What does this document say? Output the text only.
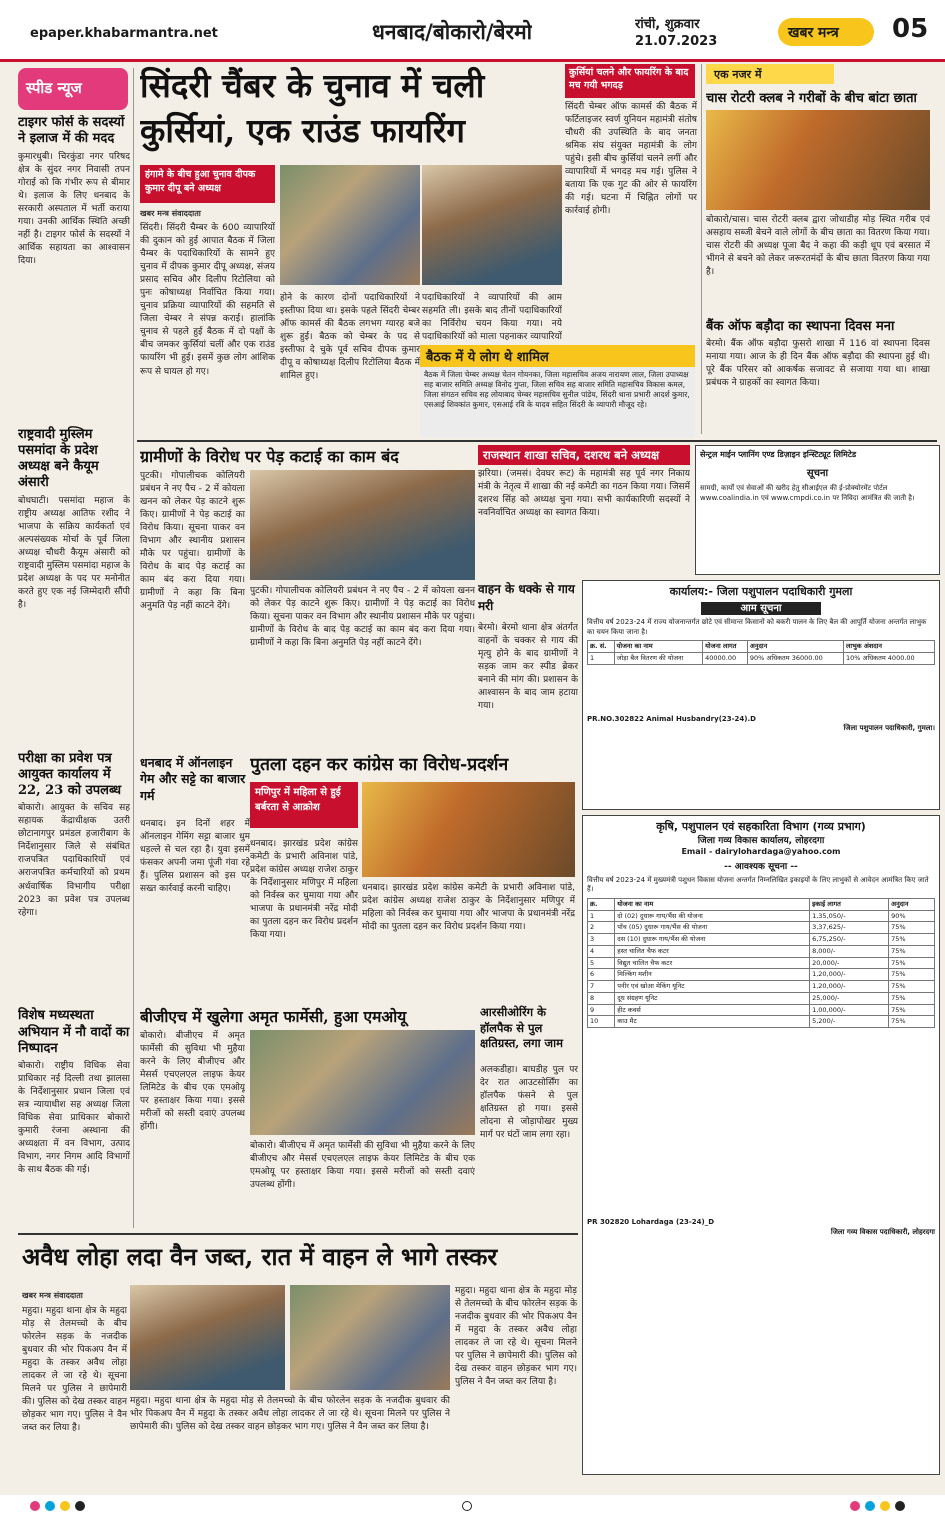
epaper.khabarmantra.net	धनबाद/बोकारो/बेरमो	रांची, शुक्रवार
21.07.2023
खबर मन्त्र	05
स्पीड न्यूज
टाइगर फोर्स के सदस्यों ने इलाज में की मदद
कुमारधुबी। चिरकुंडा नगर परिषद क्षेत्र के सुंदर नगर निवासी तपन गोराई को कि गंभीर रूप से बीमार थे। इलाज के लिए धनबाद के सरकारी अस्पताल में भर्ती कराया गया। उनकी आर्थिक स्थिति अच्छी नहीं है। टाइगर फोर्स के सदस्यों ने आर्थिक सहायता का आश्वासन दिया।
राष्ट्रवादी मुस्लिम पसमांदा के प्रदेश अध्यक्ष बने कैयूम अंसारी
बोधघाटी। पसमांदा महाज के राष्ट्रीय अध्यक्ष आतिफ रशीद ने भाजपा के सक्रिय कार्यकर्ता एवं अल्पसंख्यक मोर्चा के पूर्व जिला अध्यक्ष चौधरी कैयूम अंसारी को राष्ट्रवादी मुस्लिम पसमांदा महाज के प्रदेश अध्यक्ष के पद पर मनोनीत करते हुए एक नई जिम्मेदारी सौंपी है।
परीक्षा का प्रवेश पत्र आयुक्त कार्यालय में 22, 23 को उपलब्ध
बोकारो। आयुक्त के सचिव सह सहायक केंद्राधीक्षक उतरी छोटानागपुर प्रमंडल हजारीबाग के निर्देशानुसार जिले से संबंधित राजपत्रित पदाधिकारियों एवं अराजपत्रित कर्मचारियों को प्रथम अर्धवार्षिक विभागीय परीक्षा 2023 का प्रवेश पत्र उपलब्ध रहेगा।
विशेष मध्यस्थता अभियान में नौ वादों का निष्पादन
बोकारो। राष्ट्रीय विधिक सेवा प्राधिकार नई दिल्ली तथा झालसा के निर्देशानुसार प्रधान जिला एवं सत्र न्यायाधीश सह अध्यक्ष जिला विधिक सेवा प्राधिकार बोकारो कुमारी रंजना अस्थाना की अध्यक्षता में वन विभाग, उत्पाद विभाग, नगर निगम आदि विभागों के साथ बैठक की गई।
सिंदरी चैंबर के चुनाव में चली कुर्सियां, एक राउंड फायरिंग
हंगामे के बीच हुआ चुनाव दीपक कुमार दीपू बने अध्यक्ष
खबर मन्त्र संवाददाता
सिंदरी। सिंदरी चैम्बर के 600 व्यापारियों की दुकान को हुई आपात बैठक में जिला चैम्बर के पदाधिकारियों के सामने हुए चुनाव में दीपक कुमार दीपू अध्यक्ष, संजय प्रसाद सचिव और दिलीप रिटोलिया को पुनः कोषाध्यक्ष निर्वाचित किया गया। चुनाव प्रक्रिया व्यापारियों की सहमति से जिला चेम्बर ने संपन्न कराई। हालांकि चुनाव से पहले हुई बैठक में दो पक्षों के बीच जमकर कुर्सियां चलीं और एक राउंड फायरिंग भी हुई। इसमें कुछ लोग आंशिक रूप से घायल हो गए।
होने के कारण दोनों पदाधिकारियों ने इस्तीफा दिया था। इसके पहले सिंदरी चेम्बर ऑफ कामर्स की बैठक लगभग ग्यारह बजे शुरू हुई। बैठक को चेम्बर के पद से इस्तीफा दे चुके पूर्व सचिव दीपक कुमार दीपू व कोषाध्यक्ष दिलीप रिटोलिया बैठक में शामिल हुए।
पदाधिकारियों ने व्यापारियों की आम सहमति ली। इसके बाद तीनों पदाधिकारियों का निर्विरोध चयन किया गया। नये पदाधिकारियों को माला पहनाकर व्यापारियों
कुर्सियां चलने और फायरिंग के बाद मच गयी भगदड़
सिंदरी चेम्बर ऑफ कामर्स की बैठक में फर्टिलाइजर स्वर्ण युनियन महामंत्री संतोष चौधरी की उपस्थिति के बाद जनता श्रमिक संघ संयुक्त महामंत्री के लोग पहुंचे। इसी बीच कुर्सियां चलने लगीं और व्यापारियों में भगदड़ मच गई। पुलिस ने बताया कि एक गुट की ओर से फायरिंग की गई। घटना में चिह्नित लोगों पर कार्रवाई होगी।
बैठक में ये लोग थे शामिल
बैठक में जिला चेम्बर अध्यक्ष चेतन गोयनका, जिला महासचिव अजय नारायण लाल, जिला उपाध्यक्ष सह बाजार समिति अध्यक्ष विनोद गुप्ता, जिला सचिव सह बाजार समिति महासचिव विकास कमल, जिला संगठन सचिव सह लोयाबाद चेम्बर महासचिव सुनील पांडेय, सिंदरी थाना प्रभारी आदर्श कुमार, एसआई शिवकांत कुमार, एसआई रवि के यादव सहित सिंदरी के व्यापारी मौजूद रहे।
एक नजर में
चास रोटरी क्लब ने गरीबों के बीच बांटा छाता
बोकारो/चास। चास रोटरी क्लब द्वारा जोधाडीह मोड़ स्थित गरीब एवं असहाय सब्जी बेचने वाले लोगों के बीच छाता का वितरण किया गया। चास रोटरी की अध्यक्ष पूजा बैद ने कहा की कड़ी धूप एवं बरसात में भीगने से बचने को लेकर जरूरतमंदों के बीच छाता वितरण किया गया है।
बैंक ऑफ बड़ौदा का स्थापना दिवस मना
बेरमो। बैंक ऑफ बड़ौदा फुसरो शाखा में 116 वां स्थापना दिवस मनाया गया। आज के ही दिन बैंक ऑफ बड़ौदा की स्थापना हुई थी। पूरे बैंक परिसर को आकर्षक सजावट से सजाया गया था। शाखा प्रबंधक ने ग्राहकों का स्वागत किया।
ग्रामीणों के विरोध पर पेड़ कटाई का काम बंद
पुटकी। गोपालीचक कोलियरी प्रबंधन ने नए पैच - 2 में कोयला खनन को लेकर पेड़ काटने शुरू किए। ग्रामीणों ने पेड़ कटाई का विरोध किया। सूचना पाकर वन विभाग और स्थानीय प्रशासन मौके पर पहुंचा। ग्रामीणों के विरोध के बाद पेड़ कटाई का काम बंद करा दिया गया। ग्रामीणों ने कहा कि बिना अनुमति पेड़ नहीं काटने देंगे।
पुटकी। गोपालीचक कोलियरी प्रबंधन ने नए पैच - 2 में कोयला खनन को लेकर पेड़ काटने शुरू किए। ग्रामीणों ने पेड़ कटाई का विरोध किया। सूचना पाकर वन विभाग और स्थानीय प्रशासन मौके पर पहुंचा। ग्रामीणों के विरोध के बाद पेड़ कटाई का काम बंद करा दिया गया। ग्रामीणों ने कहा कि बिना अनुमति पेड़ नहीं काटने देंगे।
राजस्थान शाखा सचिव, दशरथ बने अध्यक्ष
झरिया। (जमसं। देवघर रूट) के महामंत्री सह पूर्व नगर निकाय मंत्री के नेतृत्व में शाखा की नई कमेटी का गठन किया गया। जिसमें दशरथ सिंह को अध्यक्ष चुना गया। सभी कार्यकारिणी सदस्यों ने नवनिर्वाचित अध्यक्ष का स्वागत किया।
वाहन के धक्के से गाय मरी
बेरमो। बेरमो थाना क्षेत्र अंतर्गत वाहनों के चक्कर से गाय की मृत्यु होने के बाद ग्रामीणों ने सड़क जाम कर स्पीड ब्रेकर बनाने की मांग की। प्रशासन के आश्वासन के बाद जाम हटाया गया।
सेन्ट्रल माईन प्लानिंग एण्ड डिज़ाइन इन्स्टिट्यूट लिमिटेड
सूचना
सामग्री, कार्यों एवं सेवाओं की खरीद हेतु सीआईएल की ई-प्रोक्योरमेंट पोर्टल www.coalindia.in एवं www.cmpdi.co.in पर निविदा आमंत्रित की जाती है।
कार्यालय:- जिला पशुपालन पदाधिकारी गुमला
आम सूचना
वित्तीय वर्ष 2023-24 में राज्य योजनान्तर्गत छोटे एवं सीमान्त किसानों को बकरी पालन के लिए बैल की आपूर्ति योजना अन्तर्गत लाभुक का चयन किया जाना है।
क्र. सं.	योजना का नाम	योजना लागत	अनुदान	लाभुक अंशदान
1	जोड़ा बैल वितरण की योजना	40000.00	90% अधिकतम 36000.00	10% अधिकतम 4000.00
PR.NO.302822 Animal Husbandry(23-24).D
जिला पशुपालन पदाधिकारी, गुमला।
कृषि, पशुपालन एवं सहकारिता विभाग (गव्य प्रभाग)
जिला गव्य विकास कार्यालय, लोहरदगा
Email - dairylohardaga@yahoo.com
-- आवश्यक सूचना --
वित्तीय वर्ष 2023-24 में मुख्यमंत्री पशुधन विकास योजना अन्तर्गत निम्नलिखित इकाइयों के लिए लाभुकों से आवेदन आमंत्रित किए जाते हैं।
क्र.	योजना का नाम	इकाई लागत	अनुदान
1	दो (02) दुधारू गाय/भैंस की योजना	1,35,050/-	90%
2	पाँच (05) दुधारू गाय/भैंस की योजना	3,37,625/-	75%
3	दस (10) दुधारू गाय/भैंस की योजना	6,75,250/-	75%
4	हस्त चालित चैफ कटर	8,000/-	75%
5	विद्युत चालित चैफ कटर	20,000/-	75%
6	मिल्किंग मशीन	1,20,000/-	75%
7	पनीर एवं खोआ मेकिंग यूनिट	1,20,000/-	75%
8	दूध संग्रहण यूनिट	25,000/-	75%
9	हीट कवर्स	1,00,000/-	75%
10	काउ मैट	5,200/-	75%
PR 302820 Lohardaga (23-24)_D
जिला गव्य विकास पदाधिकारी, लोहरदगा
धनबाद में ऑनलाइन गेम और सट्टे का बाजार गर्म
धनबाद। इन दिनों शहर में ऑनलाइन गेमिंग सट्टा बाजार धुम धड़ल्ले से चल रहा है। युवा इसमें फंसकर अपनी जमा पूंजी गंवा रहे हैं। पुलिस प्रशासन को इस पर सख्त कार्रवाई करनी चाहिए।
पुतला दहन कर कांग्रेस का विरोध-प्रदर्शन
मणिपुर में महिला से हुई बर्बरता से आक्रोश
धनबाद। झारखंड प्रदेश कांग्रेस कमेटी के प्रभारी अविनाश पांडे, प्रदेश कांग्रेस अध्यक्ष राजेश ठाकुर के निर्देशानुसार मणिपुर में महिला को निर्वस्त्र कर घुमाया गया और भाजपा के प्रधानमंत्री नरेंद्र मोदी का पुतला दहन कर विरोध प्रदर्शन किया गया।
धनबाद। झारखंड प्रदेश कांग्रेस कमेटी के प्रभारी अविनाश पांडे, प्रदेश कांग्रेस अध्यक्ष राजेश ठाकुर के निर्देशानुसार मणिपुर में महिला को निर्वस्त्र कर घुमाया गया और भाजपा के प्रधानमंत्री नरेंद्र मोदी का पुतला दहन कर विरोध प्रदर्शन किया गया।
बीजीएच में खुलेगा अमृत फार्मेसी, हुआ एमओयू
बोकारो। बीजीएच में अमृत फार्मेसी की सुविधा भी मुहैया करने के लिए बीजीएच और मेसर्स एचएलएल लाइफ केयर लिमिटेड के बीच एक एमओयू पर हस्ताक्षर किया गया। इससे मरीजों को सस्ती दवाएं उपलब्ध होंगी।
बोकारो। बीजीएच में अमृत फार्मेसी की सुविधा भी मुहैया करने के लिए बीजीएच और मेसर्स एचएलएल लाइफ केयर लिमिटेड के बीच एक एमओयू पर हस्ताक्षर किया गया। इससे मरीजों को सस्ती दवाएं उपलब्ध होंगी।
आरसीओरिंग के हॉलपैक से पुल क्षतिग्रस्त, लगा जाम
अलकडीहा। बाघडीह पुल पर देर रात आउटसोर्सिंग का हॉलपैक फंसने से पुल क्षतिग्रस्त हो गया। इससे लोदना से जोड़ापोखर मुख्य मार्ग पर घंटों जाम लगा रहा।
अवैध लोहा लदा वैन जब्त, रात में वाहन ले भागे तस्कर
खबर मन्त्र संवाददाता
महुदा। महुदा थाना क्षेत्र के महुदा मोड़ से तेलमच्चो के बीच फोरलेन सड़क के नजदीक बुधवार की भोर पिकअप वैन में महुदा के तस्कर अवैध लोहा लादकर ले जा रहे थे। सूचना मिलने पर पुलिस ने छापेमारी की। पुलिस को देख तस्कर वाहन छोड़कर भाग गए। पुलिस ने वैन जब्त कर लिया है।
महुदा। महुदा थाना क्षेत्र के महुदा मोड़ से तेलमच्चो के बीच फोरलेन सड़क के नजदीक बुधवार की भोर पिकअप वैन में महुदा के तस्कर अवैध लोहा लादकर ले जा रहे थे। सूचना मिलने पर पुलिस ने छापेमारी की। पुलिस को देख तस्कर वाहन छोड़कर भाग गए। पुलिस ने वैन जब्त कर लिया है।
महुदा। महुदा थाना क्षेत्र के महुदा मोड़ से तेलमच्चो के बीच फोरलेन सड़क के नजदीक बुधवार की भोर पिकअप वैन में महुदा के तस्कर अवैध लोहा लादकर ले जा रहे थे। सूचना मिलने पर पुलिस ने छापेमारी की। पुलिस को देख तस्कर वाहन छोड़कर भाग गए। पुलिस ने वैन जब्त कर लिया है।
